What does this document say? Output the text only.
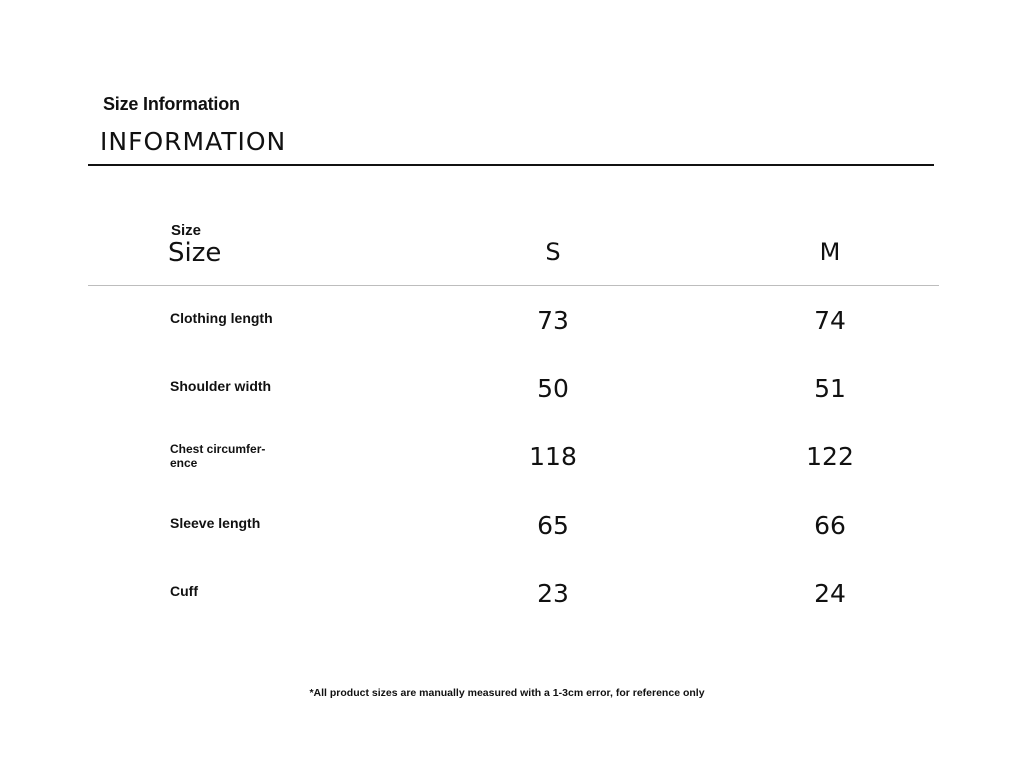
Size Information
INFORMATION
Size
Size	S	M
Clothing length	73	74
Shoulder width	50	51
Chest circumfer-
ence	118	122
Sleeve length	65	66
Cuff	23	24
*All product sizes are manually measured with a 1-3cm error, for reference only
